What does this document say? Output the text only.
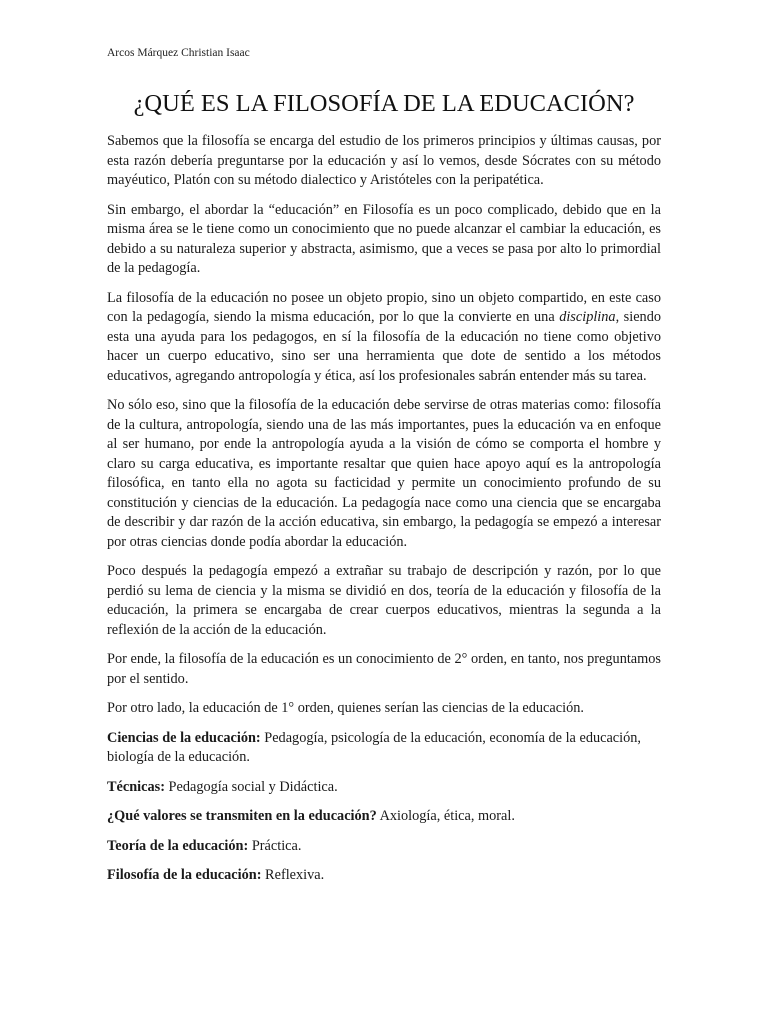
Arcos Márquez Christian Isaac
¿QUÉ ES LA FILOSOFÍA DE LA EDUCACIÓN?

Sabemos que la filosofía se encarga del estudio de los primeros principios y últimas causas, por esta razón debería preguntarse por la educación y así lo vemos, desde Sócrates con su método mayéutico, Platón con su método dialectico y Aristóteles con la peripatética.

Sin embargo, el abordar la “educación” en Filosofía es un poco complicado, debido que en la misma área se le tiene como un conocimiento que no puede alcanzar el cambiar la educación, es debido a su naturaleza superior y abstracta, asimismo, que a veces se pasa por alto lo primordial de la pedagogía.

La filosofía de la educación no posee un objeto propio, sino un objeto compartido, en este caso con la pedagogía, siendo la misma educación, por lo que la convierte en una disciplina, siendo esta una ayuda para los pedagogos, en sí la filosofía de la educación no tiene como objetivo hacer un cuerpo educativo, sino ser una herramienta que dote de sentido a los métodos educativos, agregando antropología y ética, así los profesionales sabrán entender más su tarea.

No sólo eso, sino que la filosofía de la educación debe servirse de otras materias como: filosofía de la cultura, antropología, siendo una de las más importantes, pues la educación va en enfoque al ser humano, por ende la antropología ayuda a la visión de cómo se comporta el hombre y claro su carga educativa, es importante resaltar que quien hace apoyo aquí es la antropología filosófica, en tanto ella no agota su facticidad y permite un conocimiento profundo de su constitución y ciencias de la educación. La pedagogía nace como una ciencia que se encargaba de describir y dar razón de la acción educativa, sin embargo, la pedagogía se empezó a interesar por otras ciencias donde podía abordar la educación.

Poco después la pedagogía empezó a extrañar su trabajo de descripción y razón, por lo que perdió su lema de ciencia y la misma se dividió en dos, teoría de la educación y filosofía de la educación, la primera se encargaba de crear cuerpos educativos, mientras la segunda a la reflexión de la acción de la educación.

Por ende, la filosofía de la educación es un conocimiento de 2° orden, en tanto, nos preguntamos por el sentido.

Por otro lado, la educación de 1° orden, quienes serían las ciencias de la educación.

Ciencias de la educación: Pedagogía, psicología de la educación, economía de la educación, biología de la educación.

Técnicas: Pedagogía social y Didáctica.

¿Qué valores se transmiten en la educación? Axiología, ética, moral.

Teoría de la educación: Práctica.

Filosofía de la educación: Reflexiva.
